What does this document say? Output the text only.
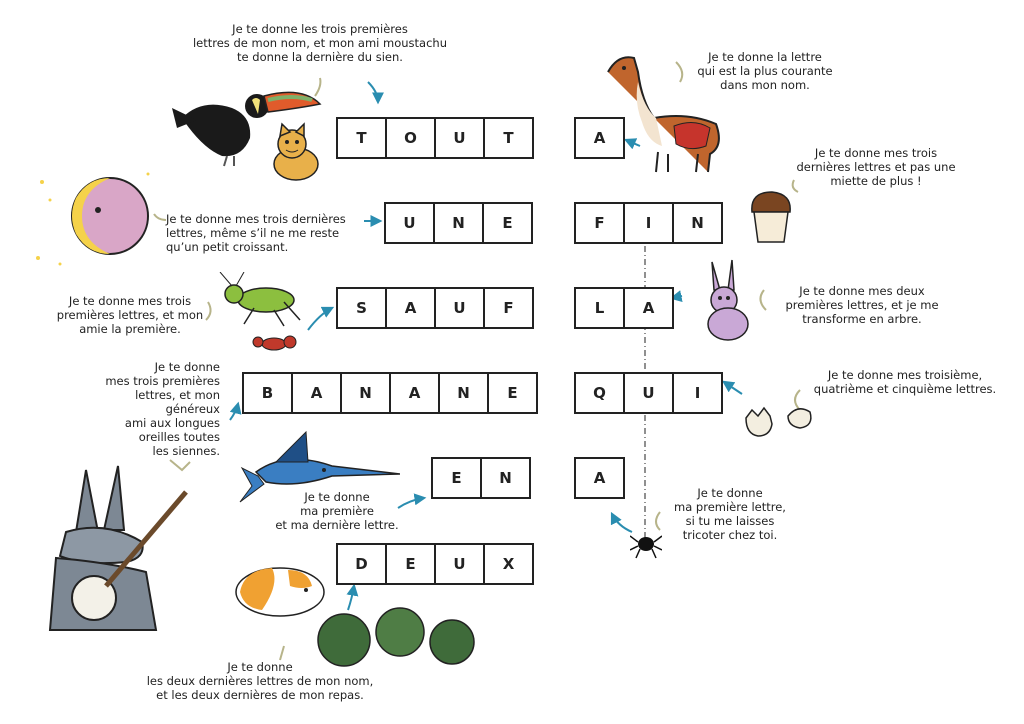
T	O	U	T
U	N	E
S	A	U	F
B	A	N	A	N	E
E	N
D	E	U	X
A
F	I	N
L	A
Q	U	I
A
Je te donne les trois premières
lettres de mon nom, et mon ami moustachu
te donne la dernière du sien.
Je te donne mes trois dernières
lettres, même s’il ne me reste
qu’un petit croissant.
Je te donne mes trois
premières lettres, et mon
amie la première.
Je te donne
mes trois premières
lettres, et mon généreux
ami aux longues
oreilles toutes
les siennes.
Je te donne
ma première
et ma dernière lettre.
Je te donne
les deux dernières lettres de mon nom,
et les deux dernières de mon repas.
Je te donne la lettre
qui est la plus courante
dans mon nom.
Je te donne mes trois
dernières lettres et pas une
miette de plus !
Je te donne mes deux
premières lettres, et je me
transforme en arbre.
Je te donne mes troisième,
quatrième et cinquième lettres.
Je te donne
ma première lettre,
si tu me laisses
tricoter chez toi.
